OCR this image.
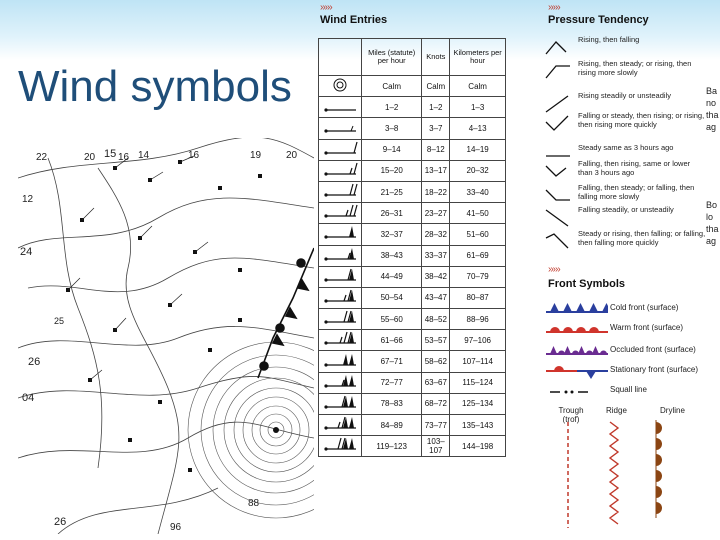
Wind symbols
22
24
12
20 15 16 14	16	19 20
26
04
26	96
88
25
›››››
Wind Entries
	Miles (statute) per hour	Knots	Kilometers per hour
	Calm	Calm	Calm
	1–2	1–2	1–3
	3–8	3–7	4–13
	9–14	8–12	14–19
	15–20	13–17	20–32
	21–25	18–22	33–40
	26–31	23–27	41–50
	32–37	28–32	51–60
	38–43	33–37	61–69
	44–49	38–42	70–79
	50–54	43–47	80–87
	55–60	48–52	88–96
	61–66	53–57	97–106
	67–71	58–62	107–114
	72–77	63–67	115–124
	78–83	68–72	125–134
	84–89	73–77	135–143
	119–123	103–107	144–198
›››››
Pressure Tendency
Rising, then falling
Rising, then steady; or rising, then rising more slowly
Rising steadily or unsteadily
Falling or steady, then rising; or rising, then rising more quickly
Steady same as 3 hours ago
Falling, then rising, same or lower than 3 hours ago
Falling, then steady; or falling, then falling more slowly
Falling steadily, or unsteadily
Steady or rising, then falling; or falling, then falling more quickly
Ba
no
tha
ag
Bo
lo
tha
ag
›››››
Front Symbols
Cold front (surface)
Warm front (surface)
Occluded front (surface)
Stationary front (surface)
Squall line
Trough (trof)
Ridge	Dryline
